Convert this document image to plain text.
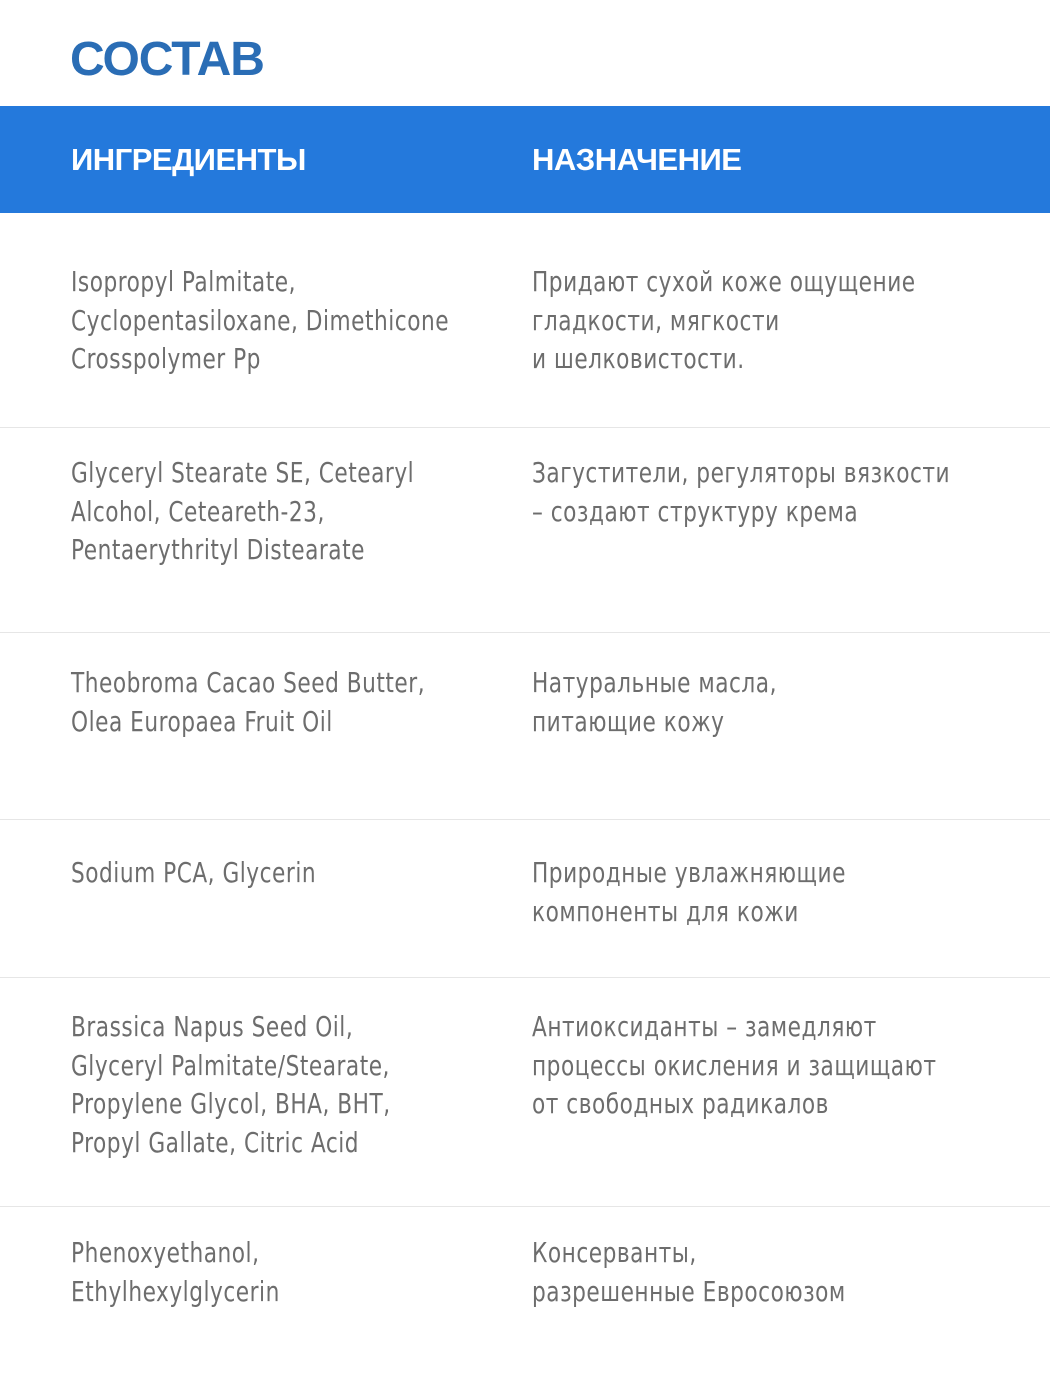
СОСТАВ
ИНГРЕДИЕНТЫ	НАЗНАЧЕНИЕ
Isopropyl Palmitate,
Cyclopentasiloxane, Dimethicone
Crosspolymer Pp
Придают сухой коже ощущение
гладкости, мягкости
и шелковистости.
Glyceryl Stearate SE, Cetearyl
Alcohol, Ceteareth-23,
Pentaerythrityl Distearate
Загустители, регуляторы вязкости
– создают структуру крема
Theobroma Cacao Seed Butter,
Olea Europaea Fruit Oil
Натуральные масла,
питающие кожу
Sodium PCA, Glycerin	Природные увлажняющие
компоненты для кожи
Brassica Napus Seed Oil,
Glyceryl Palmitate/Stearate,
Propylene Glycol, BHA, BHT,
Propyl Gallate, Citric Acid
Антиоксиданты – замедляют
процессы окисления и защищают
от свободных радикалов
Phenoxyethanol,
Ethylhexylglycerin
Консерванты,
разрешенные Евросоюзом
